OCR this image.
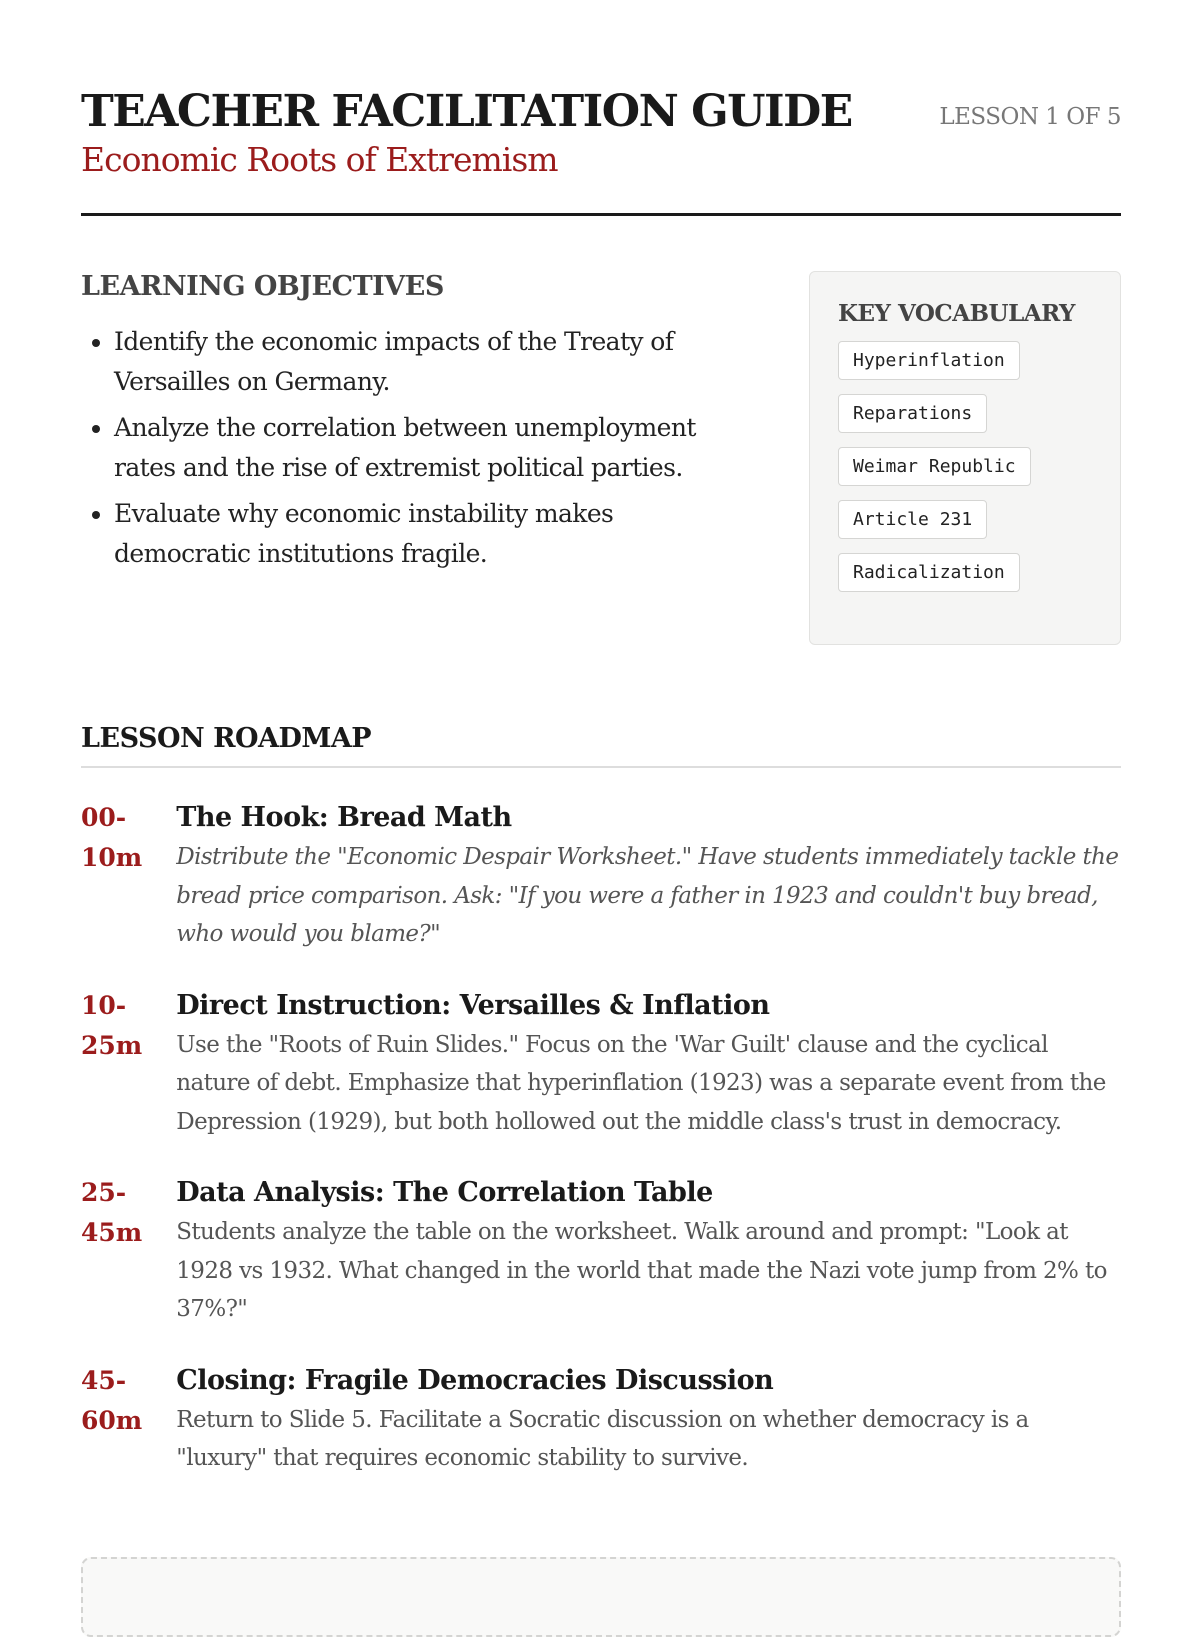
TEACHER FACILITATION GUIDE
Economic Roots of Extremism
LESSON 1 OF 5
LEARNING OBJECTIVES
• Identify the economic impacts of the Treaty of Versailles on Germany.
• Analyze the correlation between unemployment rates and the rise of extremist political parties.
• Evaluate why economic instability makes democratic institutions fragile.
KEY VOCABULARY
Hyperinflation
Reparations
Weimar Republic
Article 231
Radicalization
LESSON ROADMAP
00-10m
The Hook: Bread Math
Distribute the "Economic Despair Worksheet." Have students immediately tackle the bread price comparison. Ask: "If you were a father in 1923 and couldn't buy bread, who would you blame?"
10-25m
Direct Instruction: Versailles & Inflation
Use the "Roots of Ruin Slides." Focus on the 'War Guilt' clause and the cyclical nature of debt. Emphasize that hyperinflation (1923) was a separate event from the Depression (1929), but both hollowed out the middle class's trust in democracy.
25-45m
Data Analysis: The Correlation Table
Students analyze the table on the worksheet. Walk around and prompt: "Look at 1928 vs 1932. What changed in the world that made the Nazi vote jump from 2% to 37%?"
45-60m
Closing: Fragile Democracies Discussion
Return to Slide 5. Facilitate a Socratic discussion on whether democracy is a "luxury" that requires economic stability to survive.
